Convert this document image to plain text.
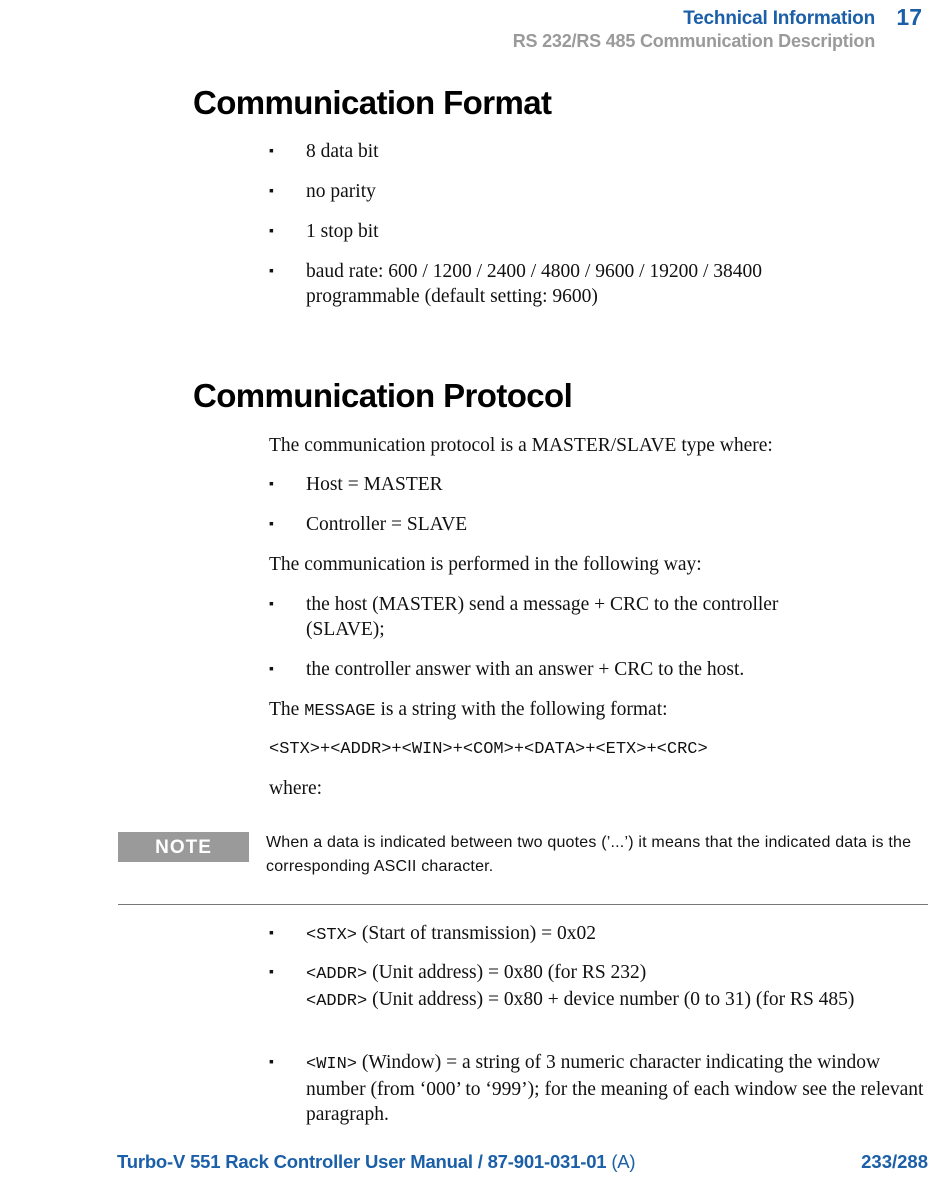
Technical Information 17
RS 232/RS 485 Communication Description
Communication Format
▪ 8 data bit
▪ no parity
▪ 1 stop bit
▪ baud rate: 600 / 1200 / 2400 / 4800 / 9600 / 19200 / 38400
programmable (default setting: 9600)
Communication Protocol

The communication protocol is a MASTER/SLAVE type where:

▪ Host = MASTER
▪ Controller = SLAVE

The communication is performed in the following way:

▪ the host (MASTER) send a message + CRC to the controller
(SLAVE);
▪ the controller answer with an answer + CRC to the host.

The MESSAGE is a string with the following format:

<STX>+<ADDR>+<WIN>+<COM>+<DATA>+<ETX>+<CRC>

where:

NOTE	When a data is indicated between two quotes (’...’) it means that the indicated data is the corresponding ASCII character.
▪ <STX> (Start of transmission) = 0x02
▪ <ADDR> (Unit address) = 0x80 (for RS 232)
<ADDR> (Unit address) = 0x80 + device number (0 to 31) (for RS 485)
▪ <WIN> (Window) = a string of 3 numeric character indicating the window number (from ‘000’ to ‘999’); for the meaning of each window see the relevant paragraph.
Turbo-V 551 Rack Controller User Manual / 87-901-031-01 (A)	233/288
